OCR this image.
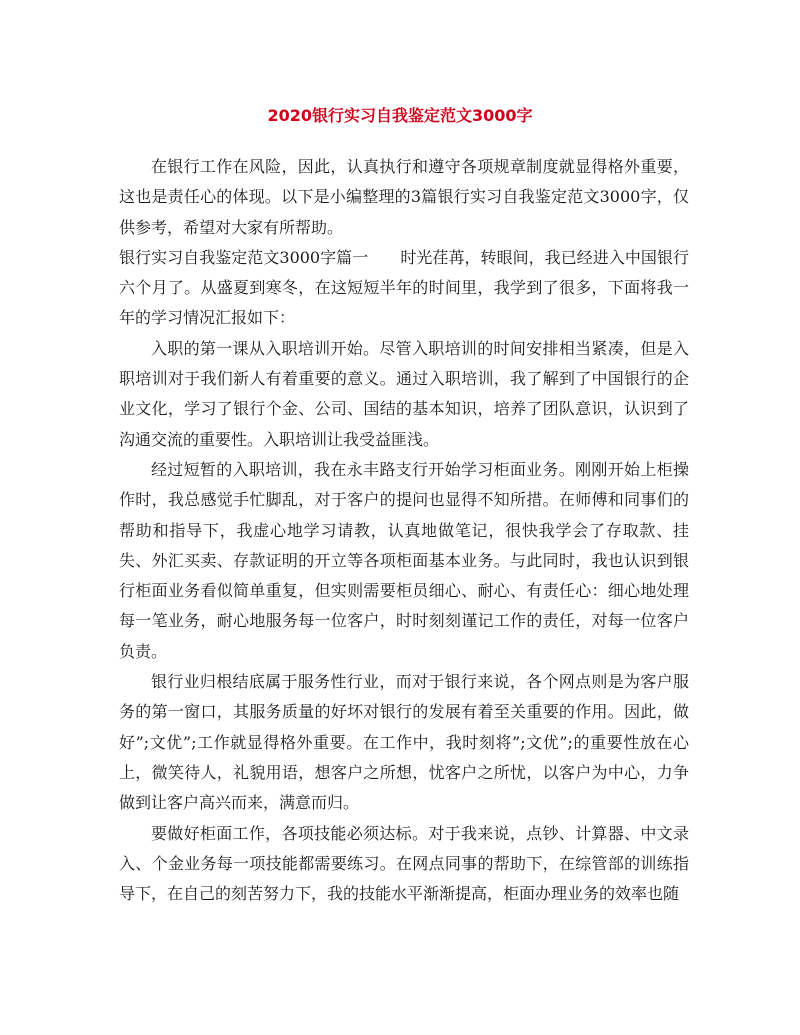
2020银行实习自我鉴定范文3000字

在银行工作在风险，因此，认真执行和遵守各项规章制度就显得格外重要，这也是责任心的体现。以下是小编整理的3篇银行实习自我鉴定范文3000字，仅供参考，希望对大家有所帮助。

银行实习自我鉴定范文3000字篇一　　时光荏苒，转眼间，我已经进入中国银行六个月了。从盛夏到寒冬，在这短短半年的时间里，我学到了很多，下面将我一年的学习情况汇报如下：

入职的第一课从入职培训开始。尽管入职培训的时间安排相当紧凑，但是入职培训对于我们新人有着重要的意义。通过入职培训，我了解到了中国银行的企业文化，学习了银行个金、公司、国结的基本知识，培养了团队意识，认识到了沟通交流的重要性。入职培训让我受益匪浅。

经过短暂的入职培训，我在永丰路支行开始学习柜面业务。刚刚开始上柜操作时，我总感觉手忙脚乱，对于客户的提问也显得不知所措。在师傅和同事们的帮助和指导下，我虚心地学习请教，认真地做笔记，很快我学会了存取款、挂失、外汇买卖、存款证明的开立等各项柜面基本业务。与此同时，我也认识到银行柜面业务看似简单重复，但实则需要柜员细心、耐心、有责任心：细心地处理每一笔业务，耐心地服务每一位客户，时时刻刻谨记工作的责任，对每一位客户负责。

银行业归根结底属于服务性行业，而对于银行来说，各个网点则是为客户服务的第一窗口，其服务质量的好坏对银行的发展有着至关重要的作用。因此，做好”;文优”;工作就显得格外重要。在工作中，我时刻将”;文优”;的重要性放在心上，微笑待人，礼貌用语，想客户之所想，忧客户之所忧，以客户为中心，力争做到让客户高兴而来，满意而归。

要做好柜面工作，各项技能必须达标。对于我来说，点钞、计算器、中文录入、个金业务每一项技能都需要练习。在网点同事的帮助下，在综管部的训练指导下，在自己的刻苦努力下，我的技能水平渐渐提高，柜面办理业务的效率也随
